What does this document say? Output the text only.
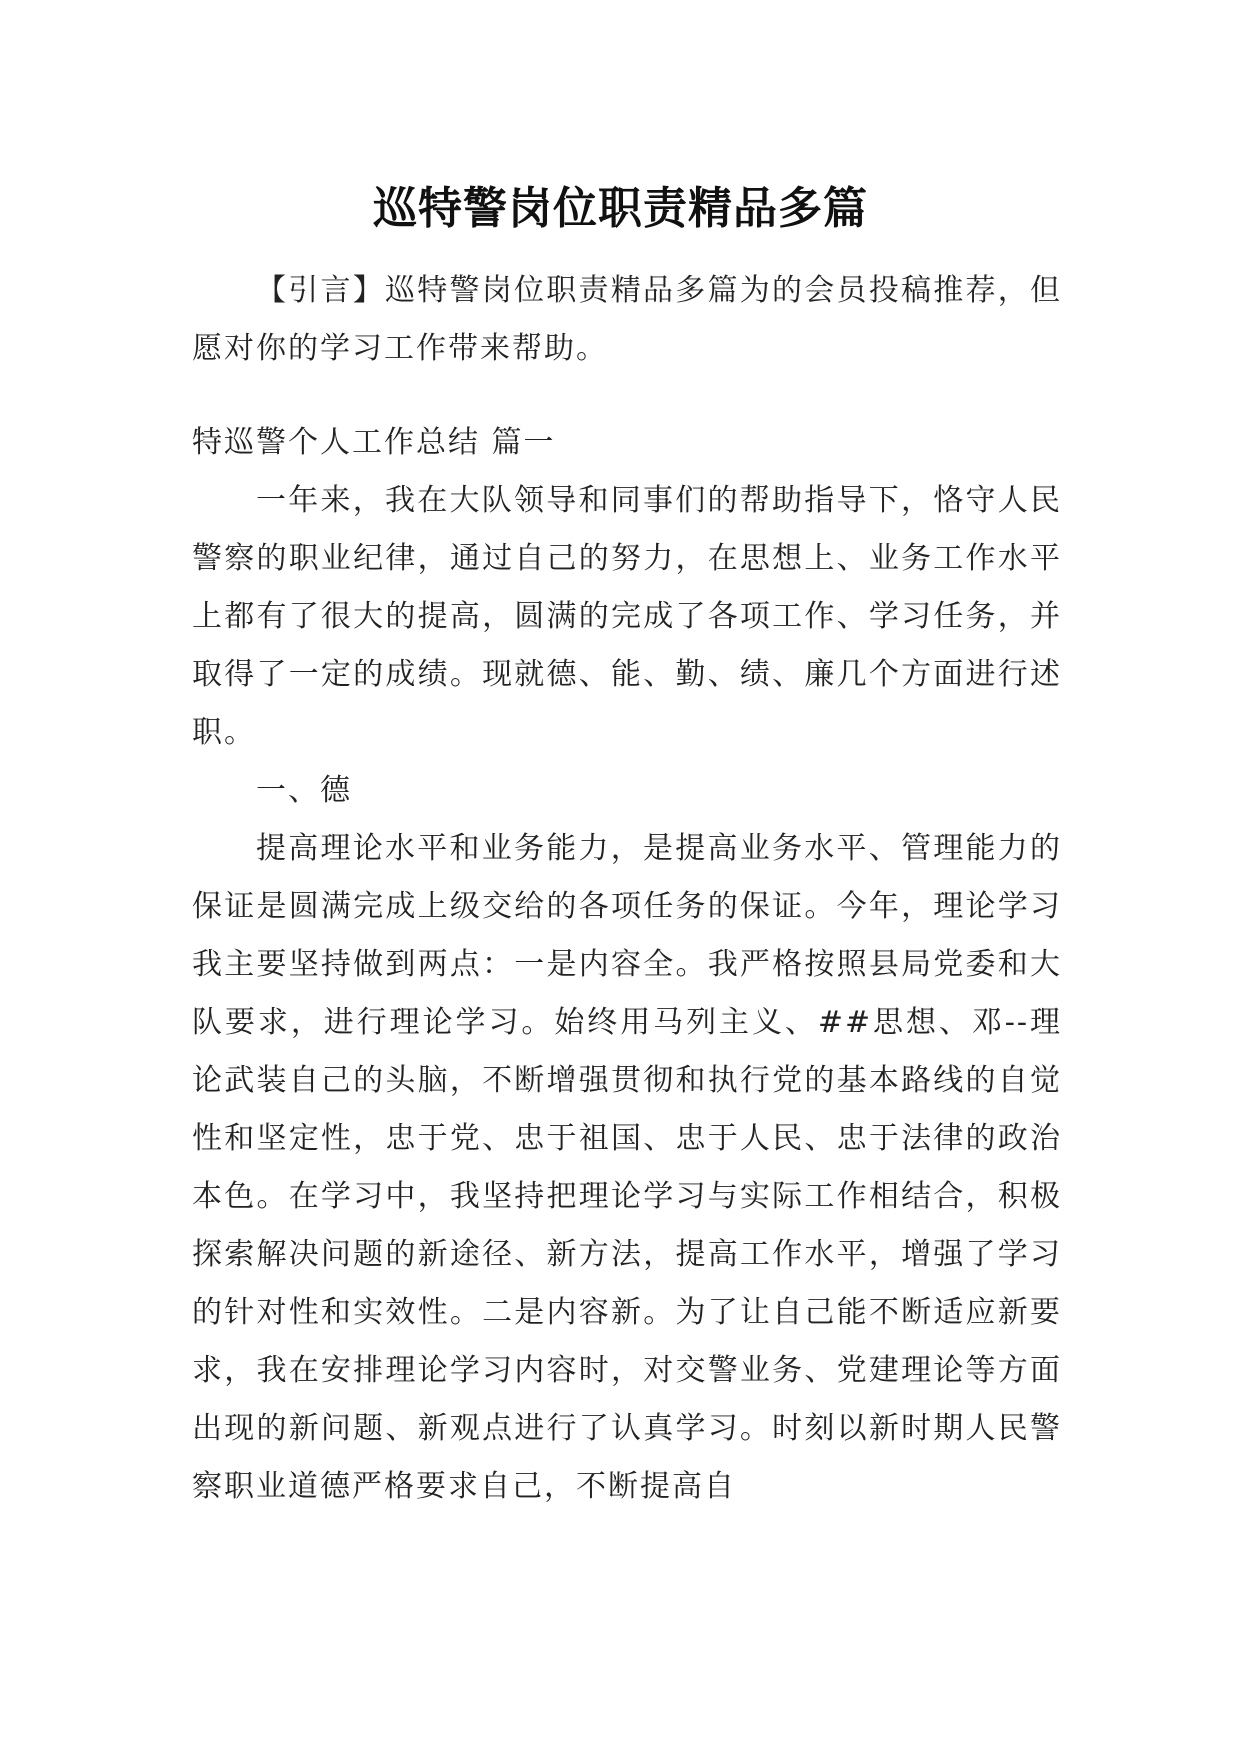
巡特警岗位职责精品多篇

【引言】巡特警岗位职责精品多篇为的会员投稿推荐，但愿对你的学习工作带来帮助。

特巡警个人工作总结 篇一

一年来，我在大队领导和同事们的帮助指导下，恪守人民警察的职业纪律，通过自己的努力，在思想上、业务工作水平上都有了很大的提高，圆满的完成了各项工作、学习任务，并取得了一定的成绩。现就德、能、勤、绩、廉几个方面进行述职。

一、德

提高理论水平和业务能力，是提高业务水平、管理能力的保证是圆满完成上级交给的各项任务的保证。今年，理论学习我主要坚持做到两点：一是内容全。我严格按照县局党委和大队要求，进行理论学习。始终用马列主义、##思想、邓--理论武装自己的头脑，不断增强贯彻和执行党的基本路线的自觉性和坚定性，忠于党、忠于祖国、忠于人民、忠于法律的政治本色。在学习中，我坚持把理论学习与实际工作相结合，积极探索解决问题的新途径、新方法，提高工作水平，增强了学习的针对性和实效性。二是内容新。为了让自己能不断适应新要求，我在安排理论学习内容时，对交警业务、党建理论等方面出现的新问题、新观点进行了认真学习。时刻以新时期人民警察职业道德严格要求自己，不断提高自
